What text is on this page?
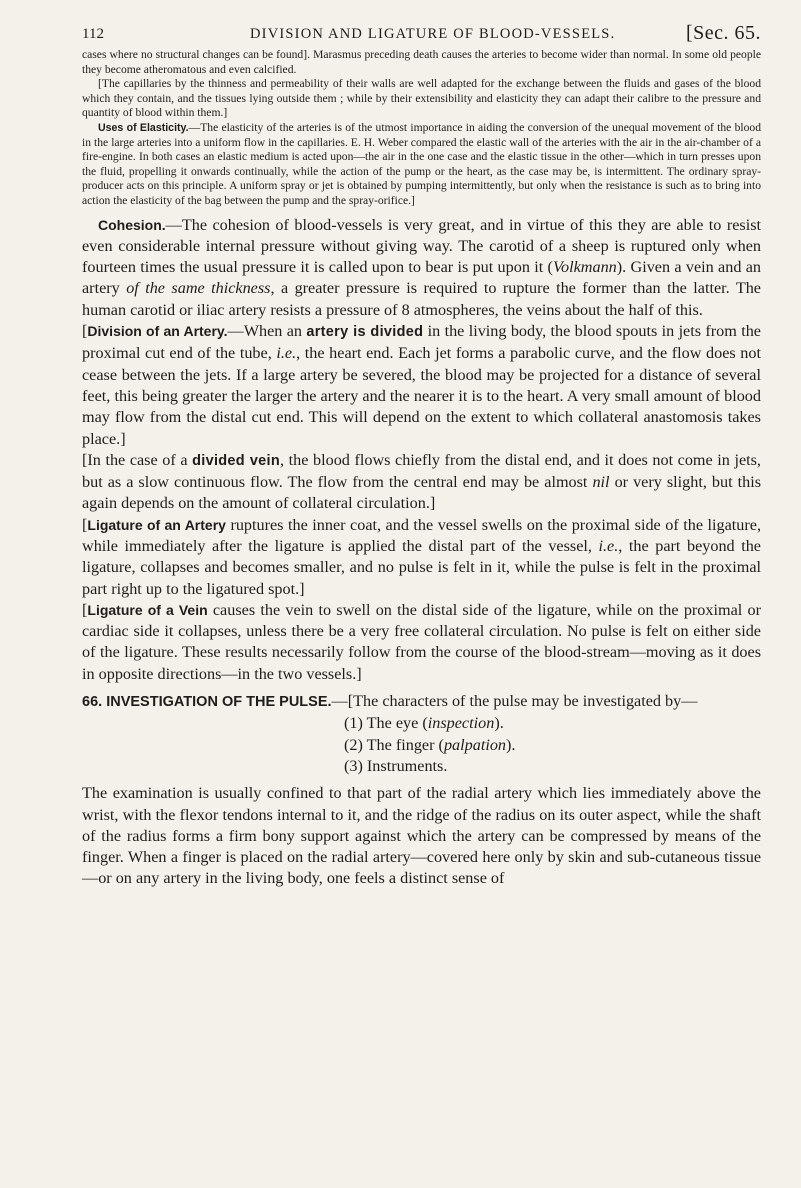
112	DIVISION AND LIGATURE OF BLOOD-VESSELS.	[Sec. 65.

cases where no structural changes can be found]. Marasmus preceding death causes the arteries to become wider than normal. In some old people they become atheromatous and even calcified.

[The capillaries by the thinness and permeability of their walls are well adapted for the exchange between the fluids and gases of the blood which they contain, and the tissues lying outside them ; while by their extensibility and elasticity they can adapt their calibre to the pressure and quantity of blood within them.]

Uses of Elasticity.—The elasticity of the arteries is of the utmost importance in aiding the conversion of the unequal movement of the blood in the large arteries into a uniform flow in the capillaries. E. H. Weber compared the elastic wall of the arteries with the air in the air-chamber of a fire-engine. In both cases an elastic medium is acted upon—the air in the one case and the elastic tissue in the other—which in turn presses upon the fluid, propelling it onwards continually, while the action of the pump or the heart, as the case may be, is intermittent. The ordinary spray-producer acts on this principle. A uniform spray or jet is obtained by pumping intermittently, but only when the resistance is such as to bring into action the elasticity of the bag between the pump and the spray-orifice.]

Cohesion.—The cohesion of blood-vessels is very great, and in virtue of this they are able to resist even considerable internal pressure without giving way. The carotid of a sheep is ruptured only when fourteen times the usual pressure it is called upon to bear is put upon it (Volkmann). Given a vein and an artery of the same thickness, a greater pressure is required to rupture the former than the latter. The human carotid or iliac artery resists a pressure of 8 atmospheres, the veins about the half of this.

[Division of an Artery.—When an artery is divided in the living body, the blood spouts in jets from the proximal cut end of the tube, i.e., the heart end. Each jet forms a parabolic curve, and the flow does not cease between the jets. If a large artery be severed, the blood may be projected for a distance of several feet, this being greater the larger the artery and the nearer it is to the heart. A very small amount of blood may flow from the distal cut end. This will depend on the extent to which collateral anastomosis takes place.]

[In the case of a divided vein, the blood flows chiefly from the distal end, and it does not come in jets, but as a slow continuous flow. The flow from the central end may be almost nil or very slight, but this again depends on the amount of collateral circulation.]

[Ligature of an Artery ruptures the inner coat, and the vessel swells on the proximal side of the ligature, while immediately after the ligature is applied the distal part of the vessel, i.e., the part beyond the ligature, collapses and becomes smaller, and no pulse is felt in it, while the pulse is felt in the proximal part right up to the ligatured spot.]

[Ligature of a Vein causes the vein to swell on the distal side of the ligature, while on the proximal or cardiac side it collapses, unless there be a very free collateral circulation. No pulse is felt on either side of the ligature. These results necessarily follow from the course of the blood-stream—moving as it does in opposite directions—in the two vessels.]

66. INVESTIGATION OF THE PULSE.—[The characters of the pulse may be investigated by—

(1) The eye (inspection).
(2) The finger (palpation).
(3) Instruments.

The examination is usually confined to that part of the radial artery which lies immediately above the wrist, with the flexor tendons internal to it, and the ridge of the radius on its outer aspect, while the shaft of the radius forms a firm bony support against which the artery can be compressed by means of the finger. When a finger is placed on the radial artery—covered here only by skin and sub-cutaneous tissue—or on any artery in the living body, one feels a distinct sense of
